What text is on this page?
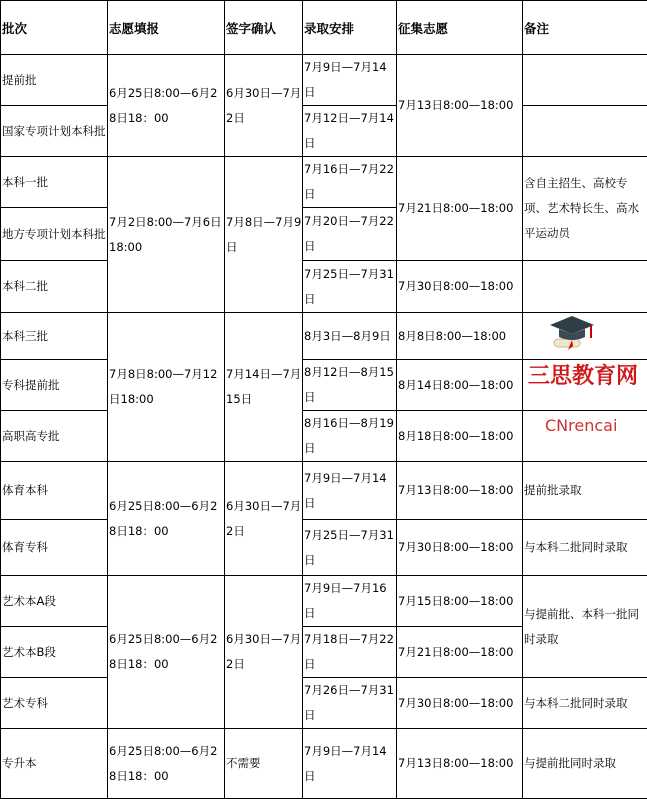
批次	志愿填报	签字确认	录取安排	征集志愿	备注
提前批	6月25日8:00—6月28日18：00	6月30日—7月2日	7月9日—7月14日	7月13日8:00—18:00	
国家专项计划本科批			7月12日—7月14日		
本科一批	7月2日8:00—7月6日18:00	7月8日—7月9日	7月16日—7月22日	7月21日8:00—18:00	含自主招生、高校专项、艺术特长生、高水平运动员
地方专项计划本科批			7月20日—7月22日		
本科二批			7月25日—7月31日	7月30日8:00—18:00	
本科三批	7月8日8:00—7月12日18:00	7月14日—7月15日	8月3日—8月9日	8月8日8:00—18:00	
专科提前批			8月12日—8月15日	8月14日8:00—18:00	
高职高专批			8月16日—8月19日	8月18日8:00—18:00	
体育本科	6月25日8:00—6月28日18：00	6月30日—7月2日	7月9日—7月14日	7月13日8:00—18:00	提前批录取
体育专科			7月25日—7月31日	7月30日8:00—18:00	与本科二批同时录取
艺术本A段	6月25日8:00—6月28日18：00	6月30日—7月2日	7月9日—7月16日	7月15日8:00—18:00	与提前批、本科一批同时录取
艺术本B段			7月18日—7月22日	7月21日8:00—18:00	
艺术专科			7月26日—7月31日	7月30日8:00—18:00	与本科二批同时录取
专升本	6月25日8:00—6月28日18：00	不需要	7月9日—7月14日	7月13日8:00—18:00	与提前批同时录取
三思教育网
CNrencai
